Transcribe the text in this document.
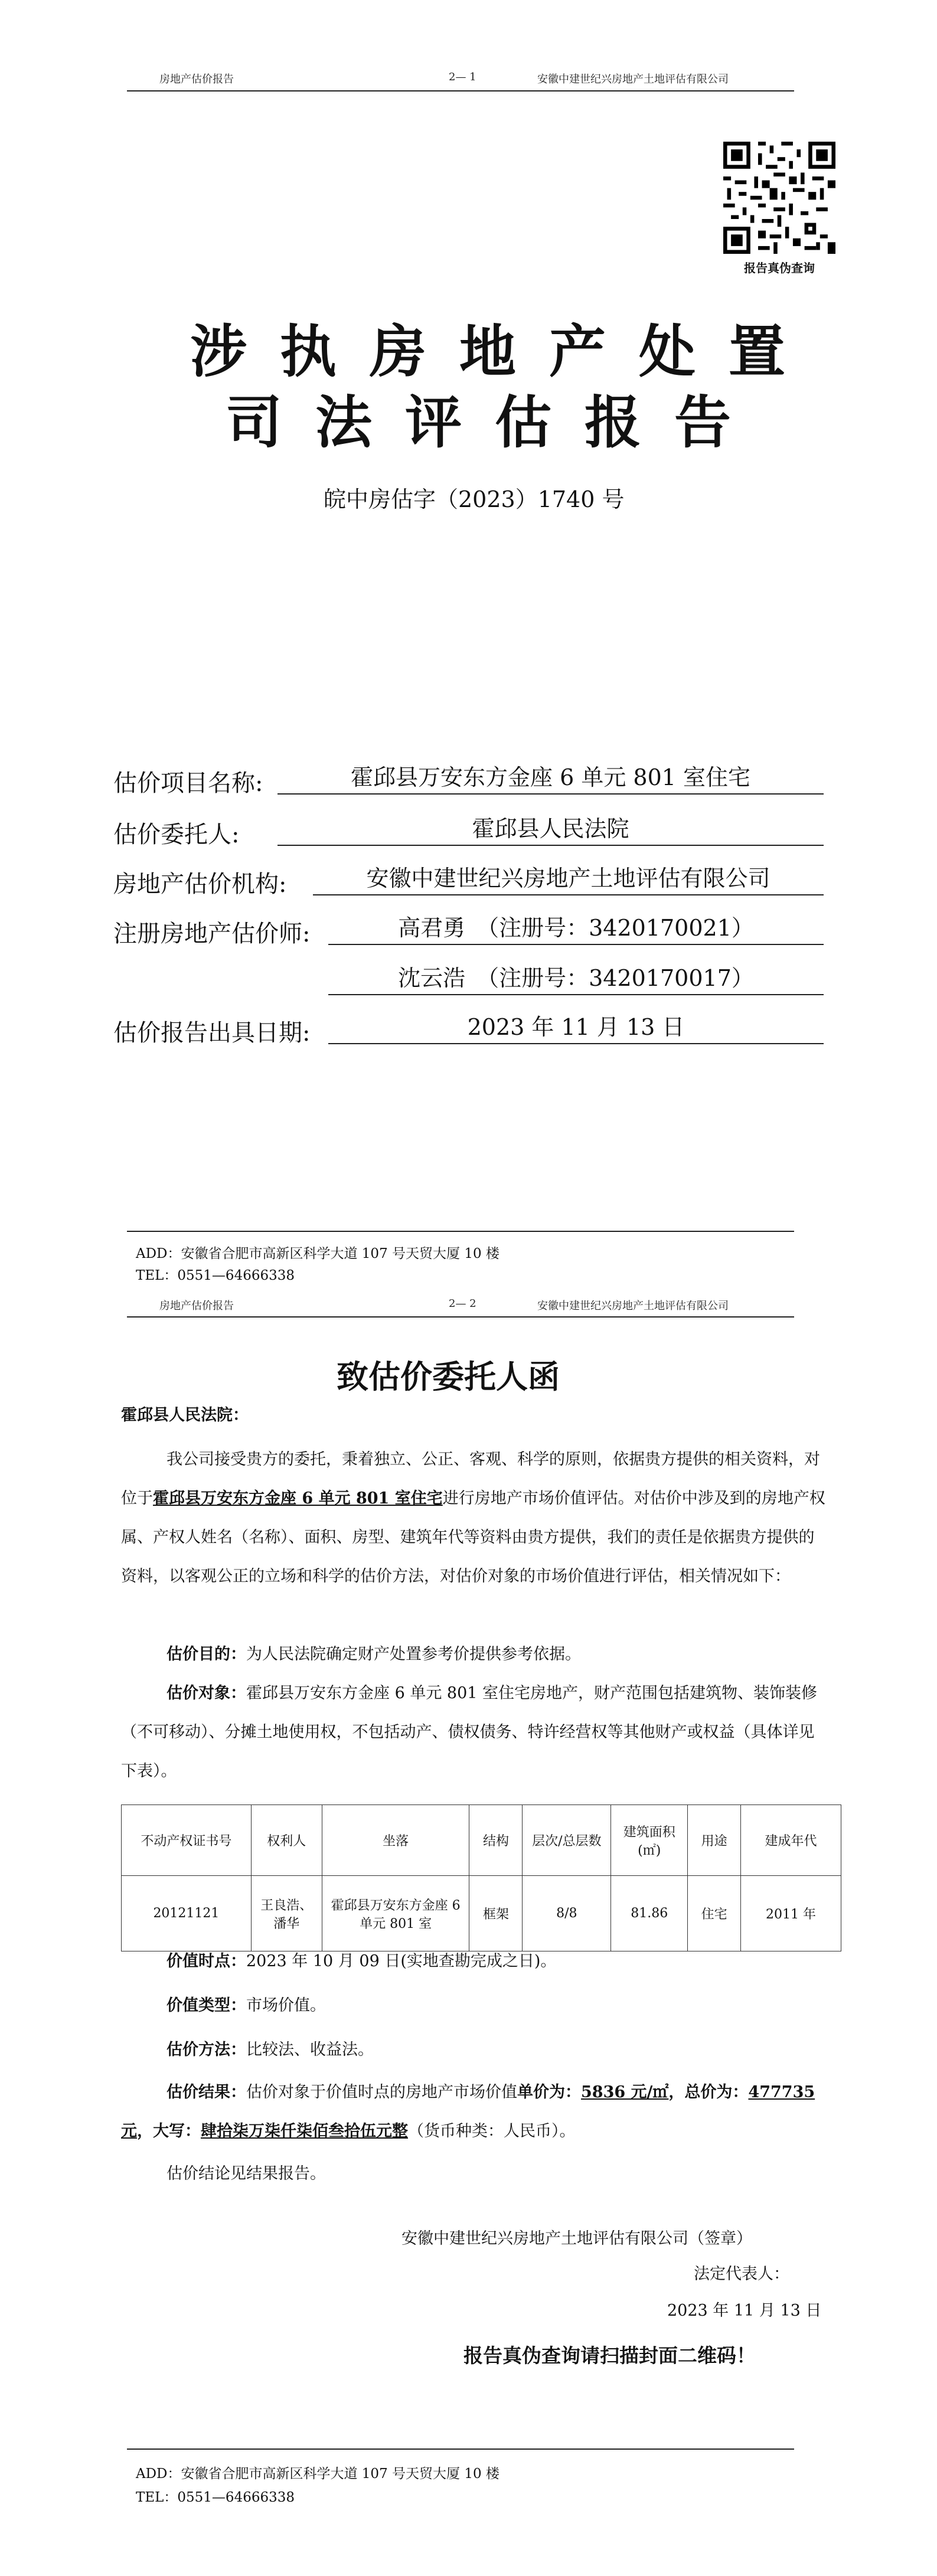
房地产估价报告	2— 1	安徽中建世纪兴房地产土地评估有限公司
报告真伪查询
涉执房地产处置
司法评估报告
皖中房估字（2023）1740 号
估价项目名称:	霍邱县万安东方金座 6 单元 801 室住宅
估价委托人:	霍邱县人民法院
房地产估价机构:	安徽中建世纪兴房地产土地评估有限公司
注册房地产估价师:	高君勇　（注册号：3420170021）
沈云浩　（注册号：3420170017）
估价报告出具日期:	2023 年 11 月 13 日
ADD：安徽省合肥市高新区科学大道 107 号天贸大厦 10 楼
TEL：0551—64666338
房地产估价报告	2— 2	安徽中建世纪兴房地产土地评估有限公司
致估价委托人函
霍邱县人民法院：
我公司接受贵方的委托，秉着独立、公正、客观、科学的原则，依据贵方提供的相关资料，对位于霍邱县万安东方金座 6 单元 801 室住宅进行房地产市场价值评估。对估价中涉及到的房地产权属、产权人姓名（名称）、面积、房型、建筑年代等资料由贵方提供，我们的责任是依据贵方提供的资料，以客观公正的立场和科学的估价方法，对估价对象的市场价值进行评估，相关情况如下：
估价目的：为人民法院确定财产处置参考价提供参考依据。
估价对象：霍邱县万安东方金座 6 单元 801 室住宅房地产，财产范围包括建筑物、装饰装修（不可移动）、分摊土地使用权，不包括动产、债权债务、特许经营权等其他财产或权益（具体详见下表）。
不动产权证书号	权利人	坐落	结构	层次/总层数	建筑面积(㎡)	用途	建成年代
20121121	王良浩、潘华	霍邱县万安东方金座 6 单元 801 室	框架	8/8	81.86	住宅	2011 年
价值时点：2023 年 10 月 09 日(实地查勘完成之日)。
价值类型：市场价值。
估价方法：比较法、收益法。
估价结果：估价对象于价值时点的房地产市场价值单价为：5836 元/㎡，总价为：477735 元，大写：肆拾柒万柒仟柒佰叁拾伍元整（货币种类：人民币）。
估价结论见结果报告。
安徽中建世纪兴房地产土地评估有限公司（签章）
法定代表人：
2023 年 11 月 13 日
报告真伪查询请扫描封面二维码！
ADD：安徽省合肥市高新区科学大道 107 号天贸大厦 10 楼
TEL：0551—64666338
